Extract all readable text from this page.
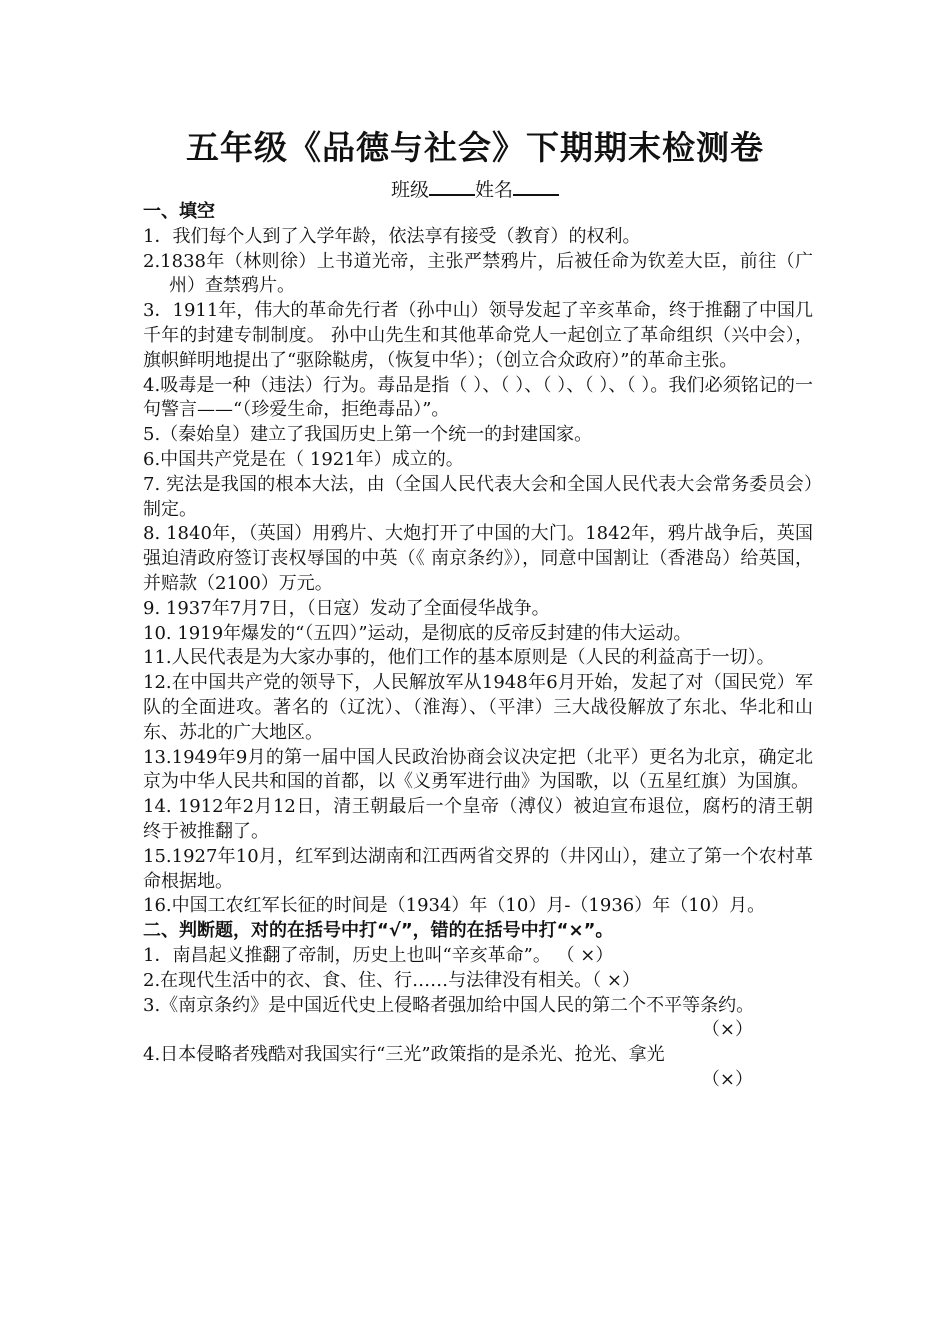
五年级《品德与社会》下期期末检测卷
班级 姓名
一、填空

1．我们每个人到了入学年龄，依法享有接受（教育）的权利。

2.1838年（林则徐）上书道光帝，主张严禁鸦片，后被任命为钦差大臣，前往（广州）查禁鸦片。

3．1911年，伟大的革命先行者（孙中山）领导发起了辛亥革命，终于推翻了中国几千年的封建专制制度。 孙中山先生和其他革命党人一起创立了革命组织（兴中会），旗帜鲜明地提出了“驱除鞑虏，（恢复中华）；（创立合众政府）”的革命主张。

4.吸毒是一种（违法）行为。毒品是指（ ）、（ ）、（ ）、（ ）、（ ）。我们必须铭记的一句警言——“（珍爱生命，拒绝毒品）”。

5.（秦始皇）建立了我国历史上第一个统一的封建国家。

6.中国共产党是在（ 1921年）成立的。

7. 宪法是我国的根本大法，由（全国人民代表大会和全国人民代表大会常务委员会）制定。

8. 1840年，（英国）用鸦片、大炮打开了中国的大门。1842年，鸦片战争后，英国强迫清政府签订丧权辱国的中英（《 南京条约》），同意中国割让（香港岛）给英国，并赔款（2100）万元。

9. 1937年7月7日，（日寇）发动了全面侵华战争。

10. 1919年爆发的“（五四）”运动，是彻底的反帝反封建的伟大运动。

11.人民代表是为大家办事的，他们工作的基本原则是（人民的利益高于一切）。

12.在中国共产党的领导下，人民解放军从1948年6月开始，发起了对（国民党）军队的全面进攻。著名的（辽沈）、（淮海）、（平津）三大战役解放了东北、华北和山东、苏北的广大地区。

13.1949年9月的第一届中国人民政治协商会议决定把（北平）更名为北京，确定北京为中华人民共和国的首都，以《义勇军进行曲》为国歌，以（五星红旗）为国旗。

14. 1912年2月12日，清王朝最后一个皇帝（溥仪）被迫宣布退位，腐朽的清王朝终于被推翻了。

15.1927年10月，红军到达湖南和江西两省交界的（井冈山），建立了第一个农村革命根据地。

16.中国工农红军长征的时间是（1934）年（10）月-（1936）年（10）月。

二、判断题，对的在括号中打“√”，错的在括号中打“×”。

1．南昌起义推翻了帝制，历史上也叫“辛亥革命”。 （ ×）

2.在现代生活中的衣、食、住、行……与法律没有相关。（ ×）

3.《南京条约》是中国近代史上侵略者强加给中国人民的第二个不平等条约。

（×）

4.日本侵略者残酷对我国实行“三光”政策指的是杀光、抢光、拿光

（×）
